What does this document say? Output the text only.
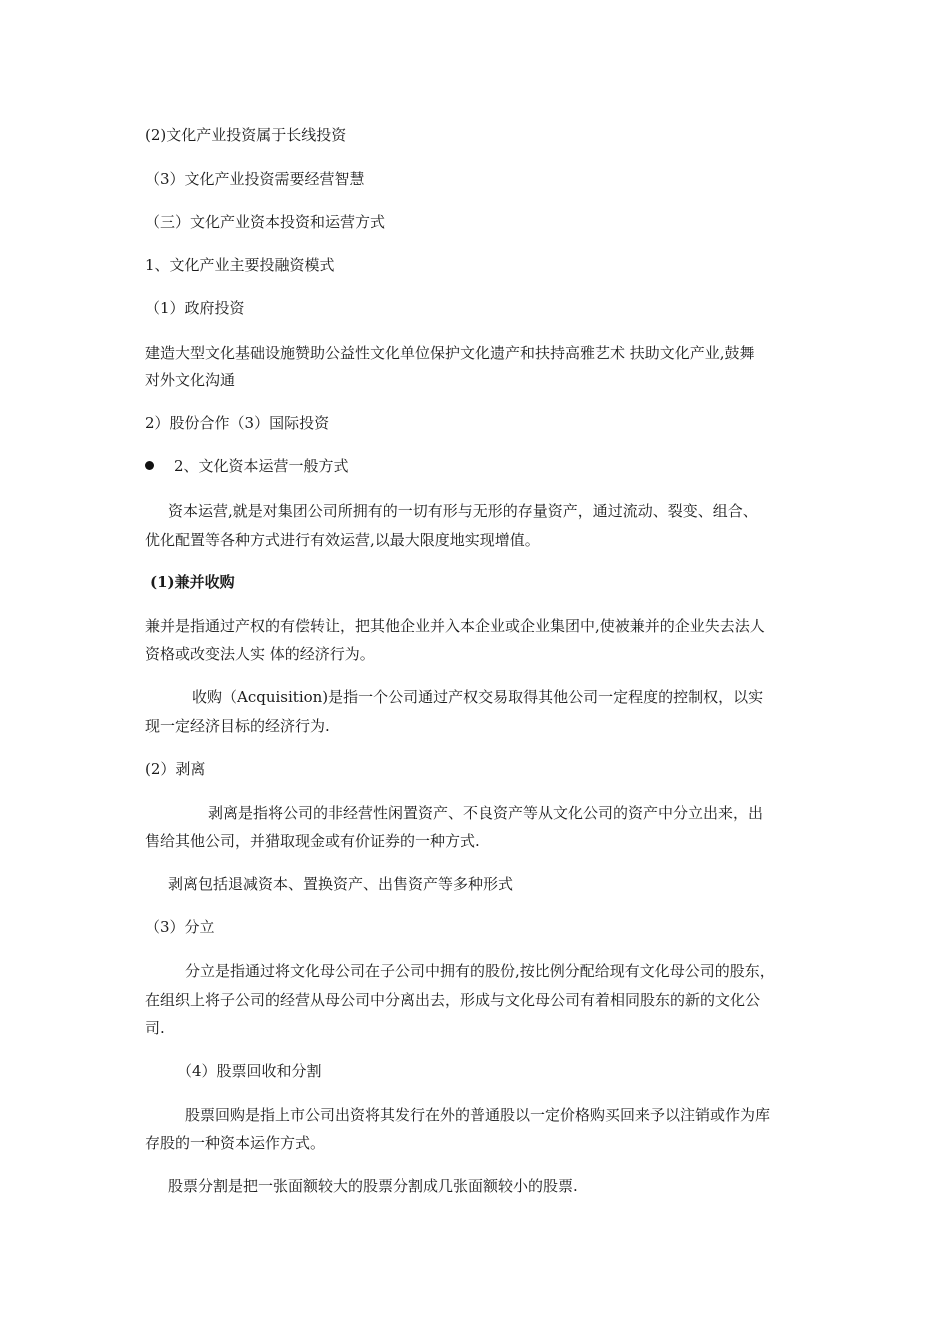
(2)文化产业投资属于长线投资
（3）文化产业投资需要经营智慧
（三）文化产业资本投资和运营方式
1、文化产业主要投融资模式
（1）政府投资
建造大型文化基础设施赞助公益性文化单位保护文化遗产和扶持高雅艺术 扶助文化产业,鼓舞
对外文化沟通
2）股份合作（3）国际投资
2、文化资本运营一般方式
资本运营,就是对集团公司所拥有的一切有形与无形的存量资产，通过流动、裂变、组合、
优化配置等各种方式进行有效运营,以最大限度地实现增值。
(1)兼并收购
兼并是指通过产权的有偿转让，把其他企业并入本企业或企业集团中,使被兼并的企业失去法人
资格或改变法人实 体的经济行为。
收购（Acquisition)是指一个公司通过产权交易取得其他公司一定程度的控制权，以实
现一定经济目标的经济行为.
(2）剥离
剥离是指将公司的非经营性闲置资产、不良资产等从文化公司的资产中分立出来，出
售给其他公司，并猎取现金或有价证券的一种方式.
剥离包括退减资本、置换资产、出售资产等多种形式
（3）分立
分立是指通过将文化母公司在子公司中拥有的股份,按比例分配给现有文化母公司的股东，
在组织上将子公司的经营从母公司中分离出去，形成与文化母公司有着相同股东的新的文化公
司.
（4）股票回收和分割
股票回购是指上市公司出资将其发行在外的普通股以一定价格购买回来予以注销或作为库
存股的一种资本运作方式。
股票分割是把一张面额较大的股票分割成几张面额较小的股票.
